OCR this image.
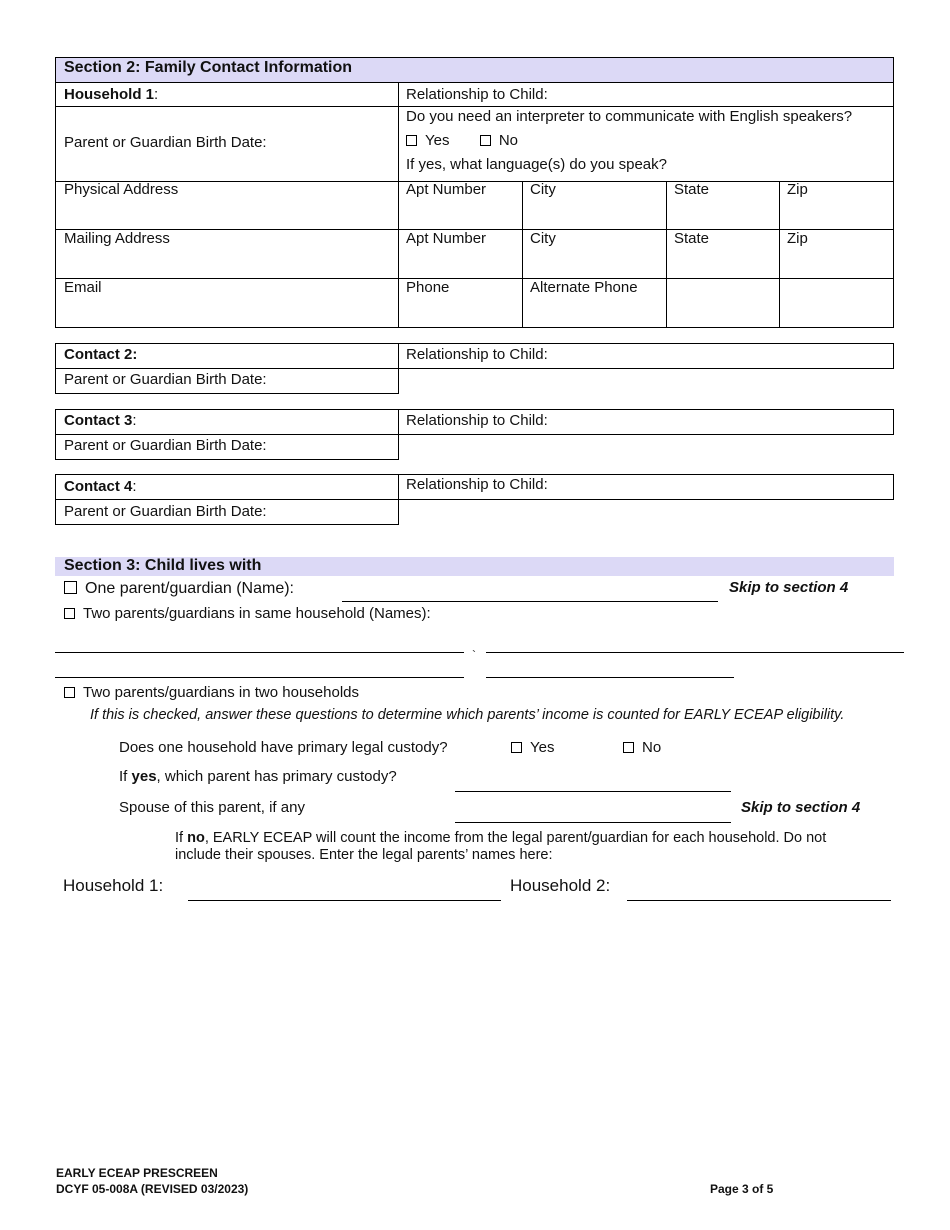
Section 2: Family Contact Information
Household 1:	Relationship to Child:
Parent or Guardian Birth Date:
Do you need an interpreter to communicate with English speakers?
Yes	No
If yes, what language(s) do you speak?
Physical Address	Apt Number	City	State	Zip
Mailing Address	Apt Number	City	State	Zip
Email	Phone	Alternate Phone
Contact 2:	Relationship to Child:
Parent or Guardian Birth Date:
Contact 3:	Relationship to Child:
Parent or Guardian Birth Date:
Contact 4:	Relationship to Child:
Parent or Guardian Birth Date:
Section 3: Child lives with
One parent/guardian (Name):	Skip to section 4
Two parents/guardians in same household (Names):
`
Two parents/guardians in two households
If this is checked, answer these questions to determine which parents’ income is counted for EARLY ECEAP eligibility.
Does one household have primary legal custody?	Yes	No
If yes, which parent has primary custody?
Spouse of this parent, if any	Skip to section 4
If no, EARLY ECEAP will count the income from the legal parent/guardian for each household. Do not
include their spouses. Enter the legal parents’ names here:
Household 1:	Household 2:
EARLY ECEAP PRESCREEN
DCYF 05-008A (REVISED 03/2023)	Page 3 of 5
